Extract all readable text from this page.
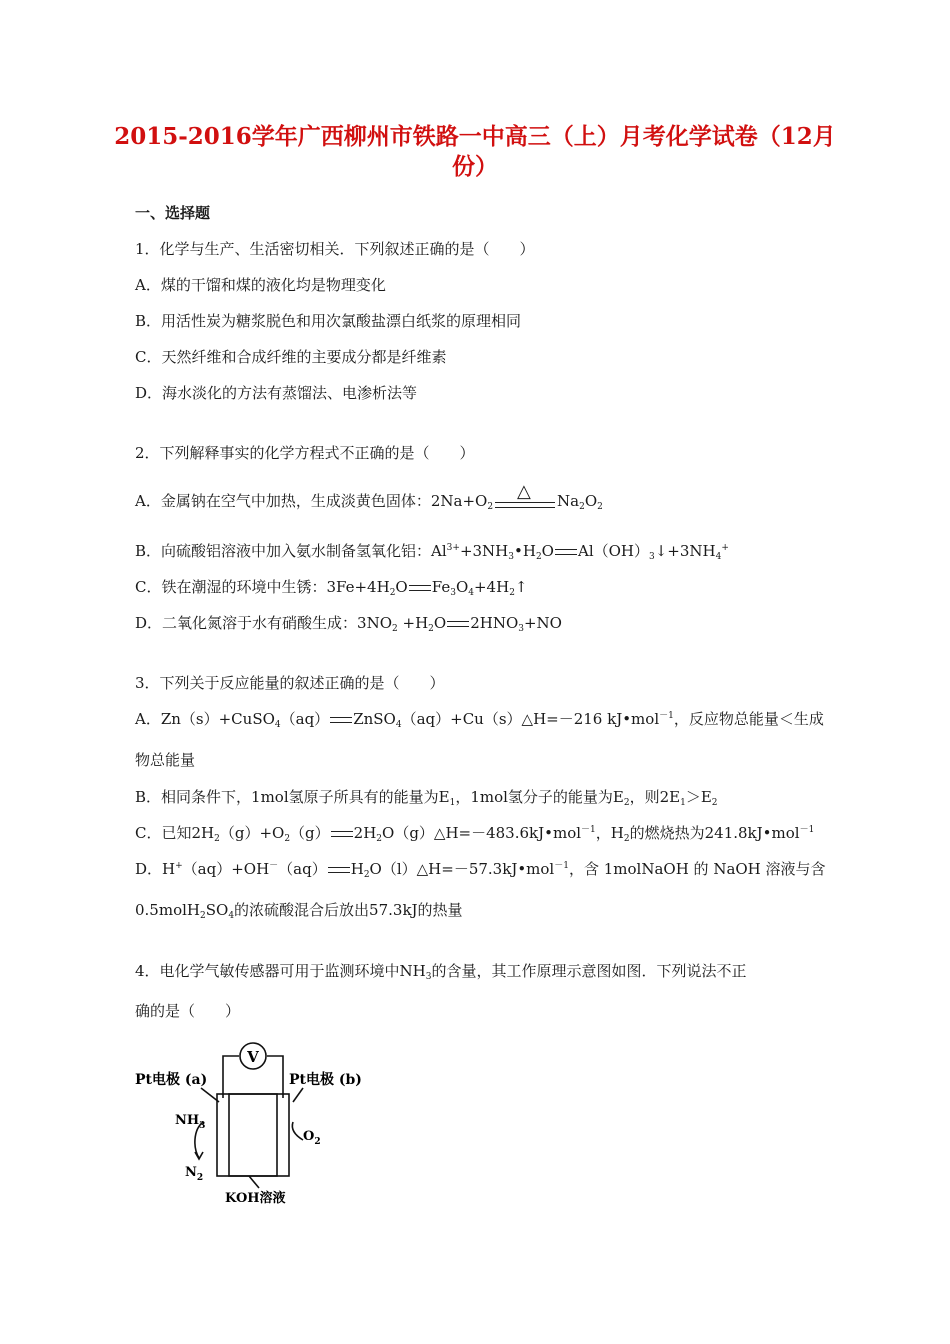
2015-2016学年广西柳州市铁路一中高三（上）月考化学试卷（12月
份）
一、选择题
1．化学与生产、生活密切相关．下列叙述正确的是（　　）
A．煤的干馏和煤的液化均是物理变化
B．用活性炭为糖浆脱色和用次氯酸盐漂白纸浆的原理相同
C．天然纤维和合成纤维的主要成分都是纤维素
D．海水淡化的方法有蒸馏法、电渗析法等
2．下列解释事实的化学方程式不正确的是（　　）
A．金属钠在空气中加热，生成淡黄色固体：$2Na+O_2$
△ $Na_2O_2$
B．向硫酸铝溶液中加入氨水制备氢氧化铝：$Al^{3+}+3NH_3•H_2O$ $Al(OH)_3↓+3NH_4^+$
C．铁在潮湿的环境中生锈：$3Fe+4H_2O$ $Fe_3O_4+4H_2↑$
D．二氧化氮溶于水有硝酸生成：$3NO_2 +H_2O$ $2HNO_3+NO$
3．下列关于反应能量的叙述正确的是（　　）
A．Zn（s）+CuSO$_4$（aq） ZnSO$_4$（aq）+Cu（s）△H=－216 kJ•mol$^{-1}$，反应物总能量＜生成
物总能量
B．相同条件下，1mol氢原子所具有的能量为$E_1$，1mol氢分子的能量为$E_2$，则$2E_1>E_2$
C．已知$2H_2(g)+O_2(g)$ $2H_2O(g)\triangle H=-483.6kJ•mol^{-1}$，$H_2$的燃烧热为241.8kJ•mol$^{-1}$
D．H+（aq）+OH－（aq） $H_2O(l)\triangle H=-57.3kJ•mol^{-1}$，含 1molNaOH 的 NaOH 溶液与含
$0.5molH_2SO_4$的浓硫酸混合后放出57.3kJ的热量
4．电化学气敏传感器可用于监测环境中$NH_3$的含量，其工作原理示意图如图．下列说法不正
确的是（　　）
V
Pt电极 (a)	Pt电极 (b)
$NH_3$
$N_2$
$O_2$
KOH溶液
